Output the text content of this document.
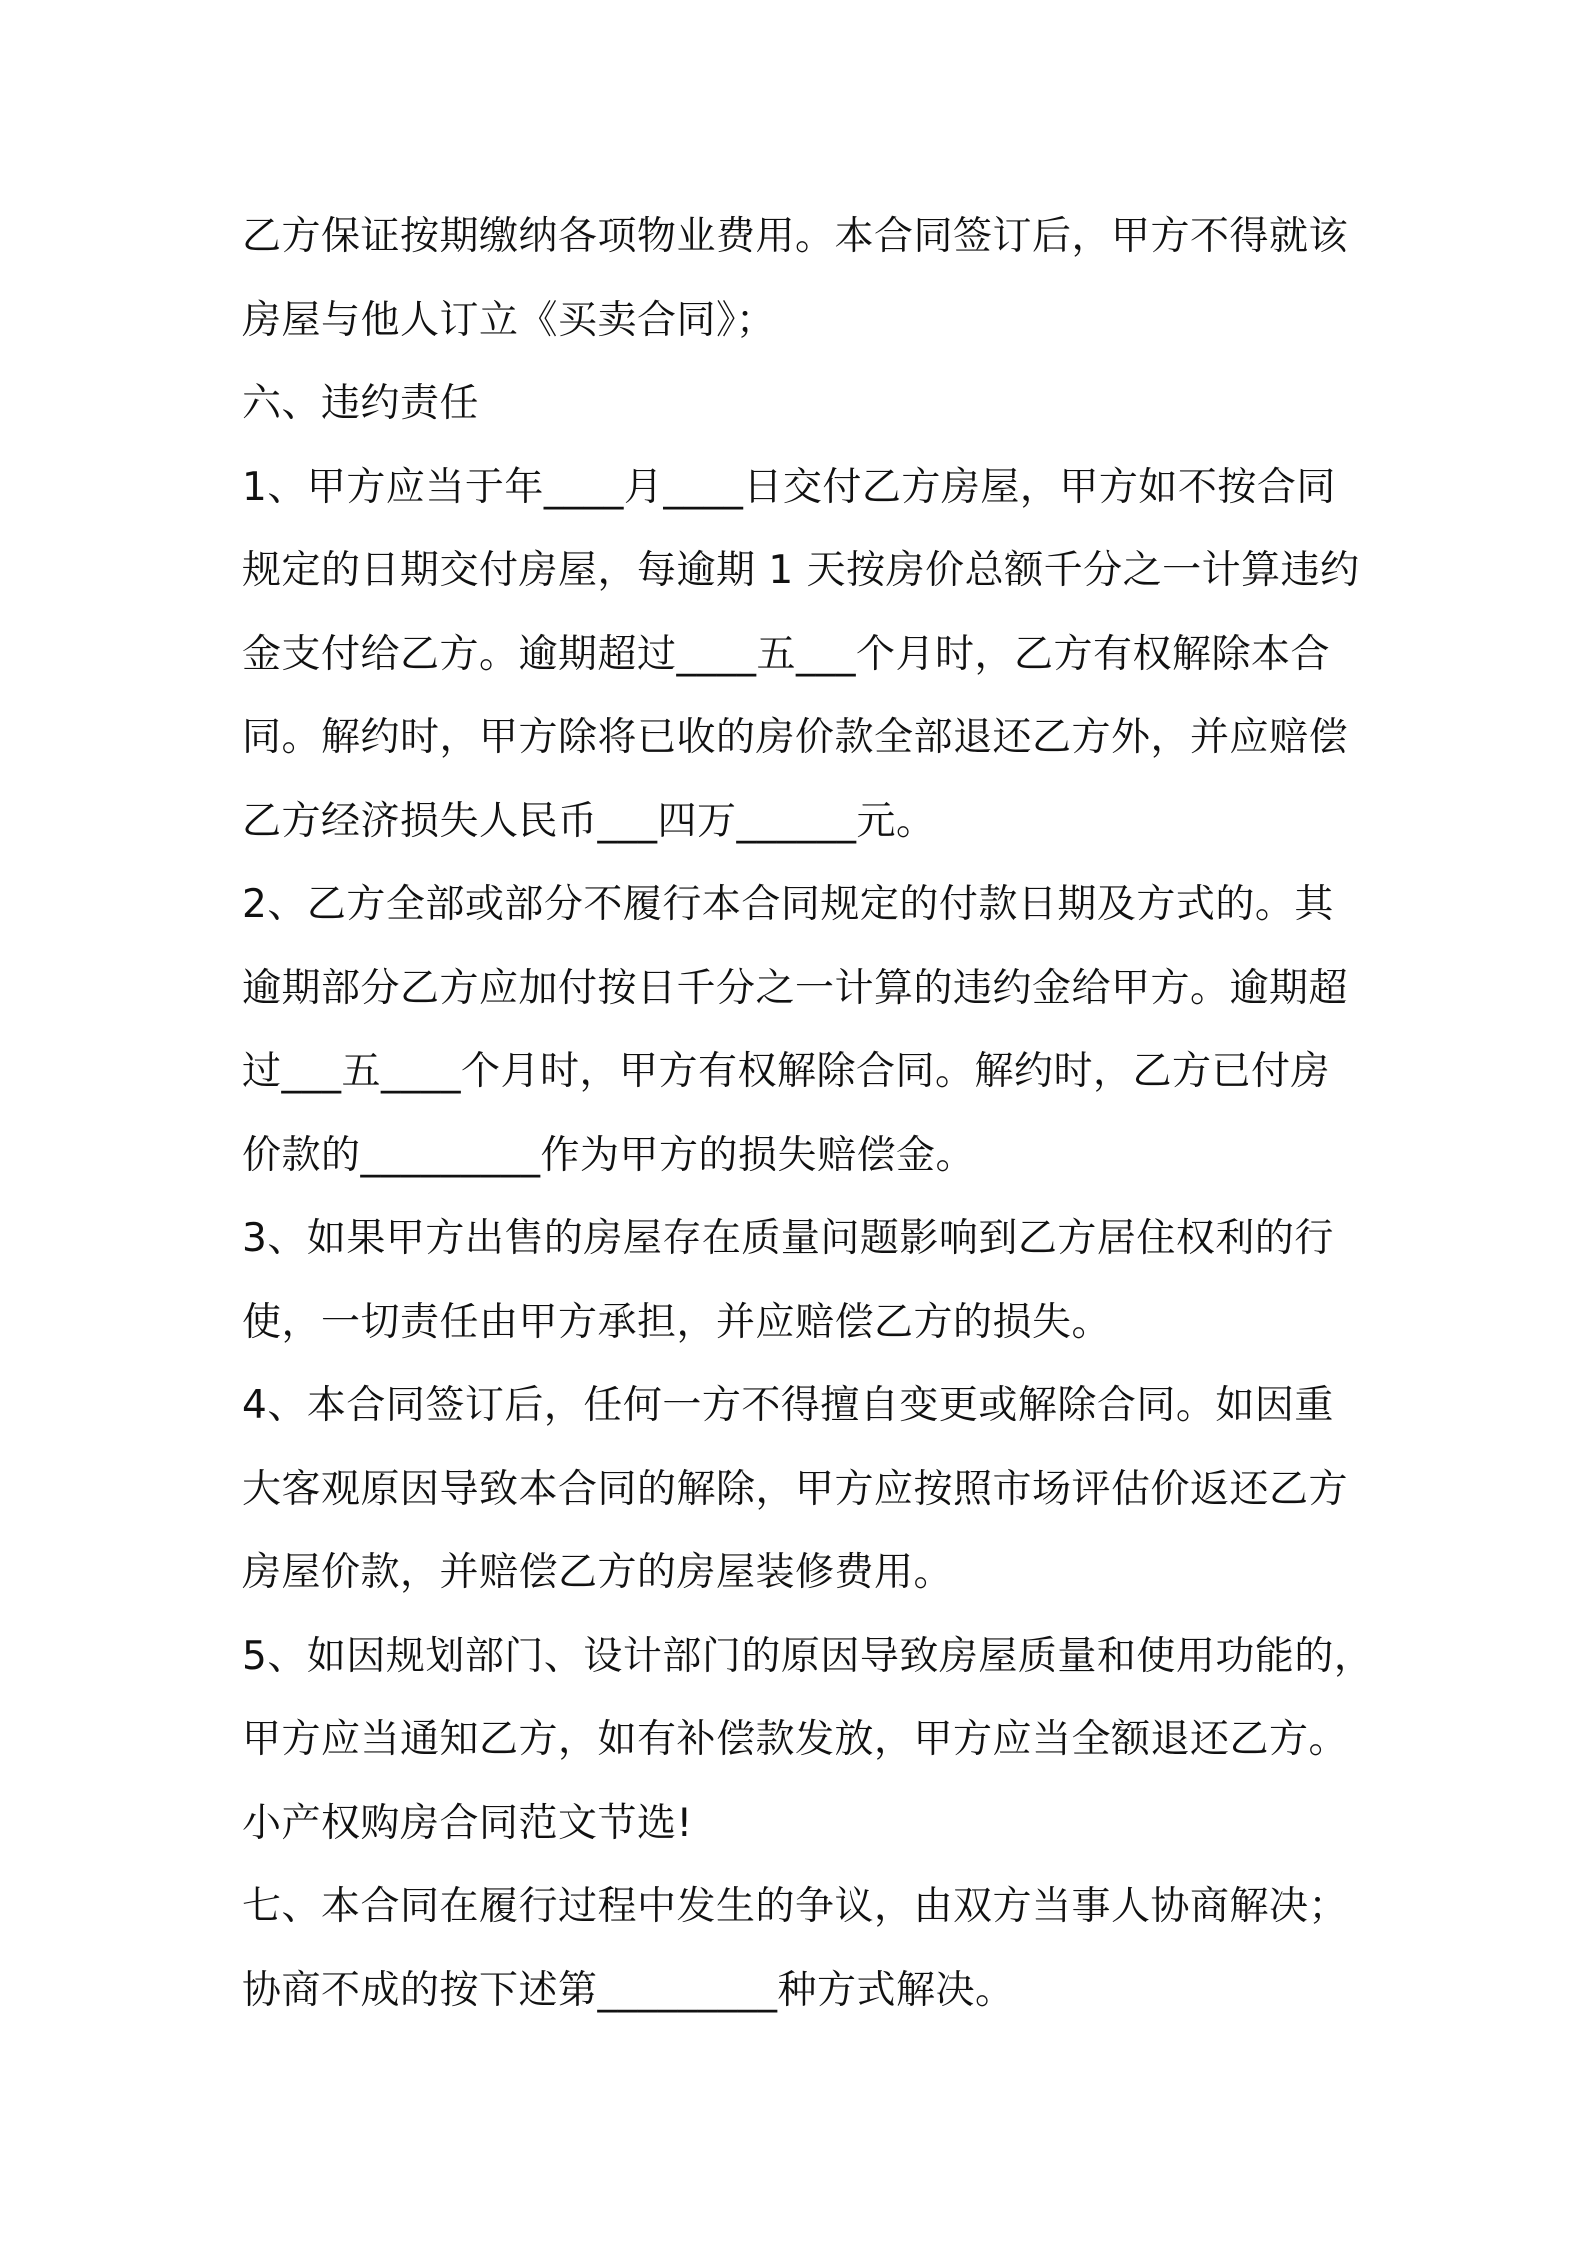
乙方保证按期缴纳各项物业费用。本合同签订后，甲方不得就该
房屋与他人订立《买卖合同》；
六、违约责任
1、甲方应当于年____月____日交付乙方房屋，甲方如不按合同
规定的日期交付房屋，每逾期 1 天按房价总额千分之一计算违约
金支付给乙方。逾期超过____五___个月时，乙方有权解除本合
同。解约时，甲方除将已收的房价款全部退还乙方外，并应赔偿
乙方经济损失人民币___四万______元。
2、乙方全部或部分不履行本合同规定的付款日期及方式的。其
逾期部分乙方应加付按日千分之一计算的违约金给甲方。逾期超
过___五____个月时，甲方有权解除合同。解约时，乙方已付房
价款的_________作为甲方的损失赔偿金。
3、如果甲方出售的房屋存在质量问题影响到乙方居住权利的行
使，一切责任由甲方承担，并应赔偿乙方的损失。
4、本合同签订后，任何一方不得擅自变更或解除合同。如因重
大客观原因导致本合同的解除，甲方应按照市场评估价返还乙方
房屋价款，并赔偿乙方的房屋装修费用。
5、如因规划部门、设计部门的原因导致房屋质量和使用功能的，
甲方应当通知乙方，如有补偿款发放，甲方应当全额退还乙方。
小产权购房合同范文节选!
七、本合同在履行过程中发生的争议，由双方当事人协商解决；
协商不成的按下述第_________种方式解决。
